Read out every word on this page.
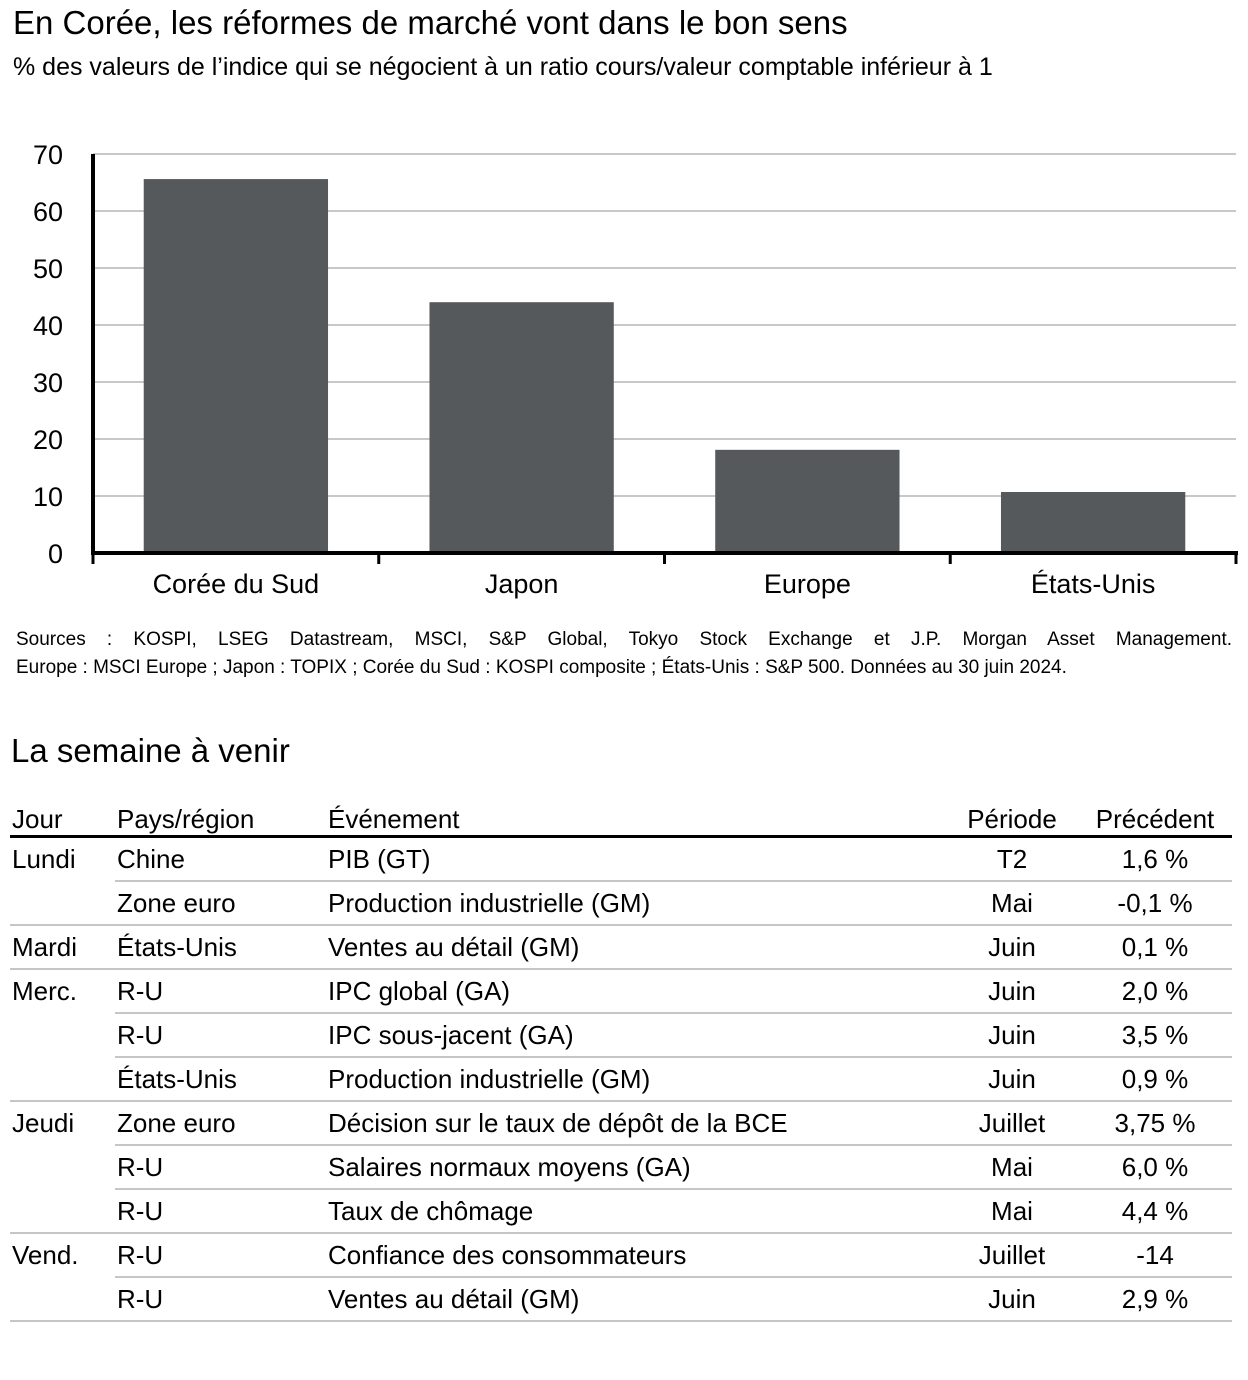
En Corée, les réformes de marché vont dans le bon sens
% des valeurs de l’indice qui se négocient à un ratio cours/valeur comptable inférieur à 1
0
10
20
30
40
50
60
70
Corée du Sud	Japon	Europe	États-Unis
Sources : KOSPI, LSEG Datastream, MSCI, S&P Global, Tokyo Stock Exchange et J.P. Morgan Asset Management.
Europe : MSCI Europe ; Japon : TOPIX ; Corée du Sud : KOSPI composite ; États-Unis : S&P 500. Données au 30 juin 2024.
La semaine à venir
Jour	Pays/région	Événement	Période	Précédent
Lundi	Chine	PIB (GT)	T2	1,6 %
	Zone euro	Production industrielle (GM)	Mai	-0,1 %
Mardi	États-Unis	Ventes au détail (GM)	Juin	0,1 %
Merc.	R-U	IPC global (GA)	Juin	2,0 %
	R-U	IPC sous-jacent (GA)	Juin	3,5 %
	États-Unis	Production industrielle (GM)	Juin	0,9 %
Jeudi	Zone euro	Décision sur le taux de dépôt de la BCE	Juillet	3,75 %
	R-U	Salaires normaux moyens (GA)	Mai	6,0 %
	R-U	Taux de chômage	Mai	4,4 %
Vend.	R-U	Confiance des consommateurs	Juillet	-14
	R-U	Ventes au détail (GM)	Juin	2,9 %
